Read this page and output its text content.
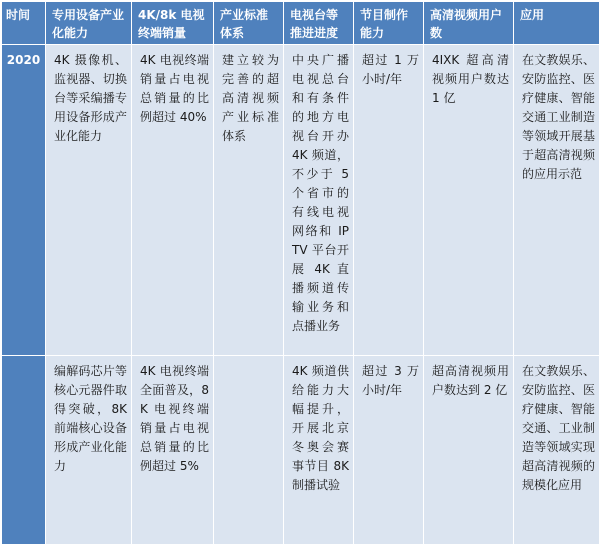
时间	专用设备产业化能力	4K/8k 电视终端销量	产业标准体系	电视台等推进进度	节目制作能力	高清视频用户数	应用
2020	4K 摄像机、监视器、切换台等采编播专用设备形成产业化能力	4K 电视终端销量占电视总销量的比例超过 40%	建立较为完善的超高清视频产业标准体系	中央广播电视总台和有条件的地方电视台开办 4K 频道，不少于 5 个省市的有线电视网络和 IPTV 平台开展 4K 直播频道传输业务和点播业务	超过 1 万小时/年	4IXK 超高清视频用户数达 1 亿	在文教娱乐、安防监控、医疗健康、智能交通工业制造等领域开展基于超高清视频的应用示范
	编解码芯片等核心元器件取得突破，8K 前端核心设备形成产业化能力	4K 电视终端全面普及，8K 电视终端销量占电视总销量的比例超过 5%		4K 频道供给能力大幅提升，开展北京冬奥会赛事节目 8K 制播试验	超过 3 万小时/年	超高清视频用户数达到 2 亿	在文教娱乐、安防监控、医疗健康、智能交通、工业制造等领域实现超高清视频的规模化应用
